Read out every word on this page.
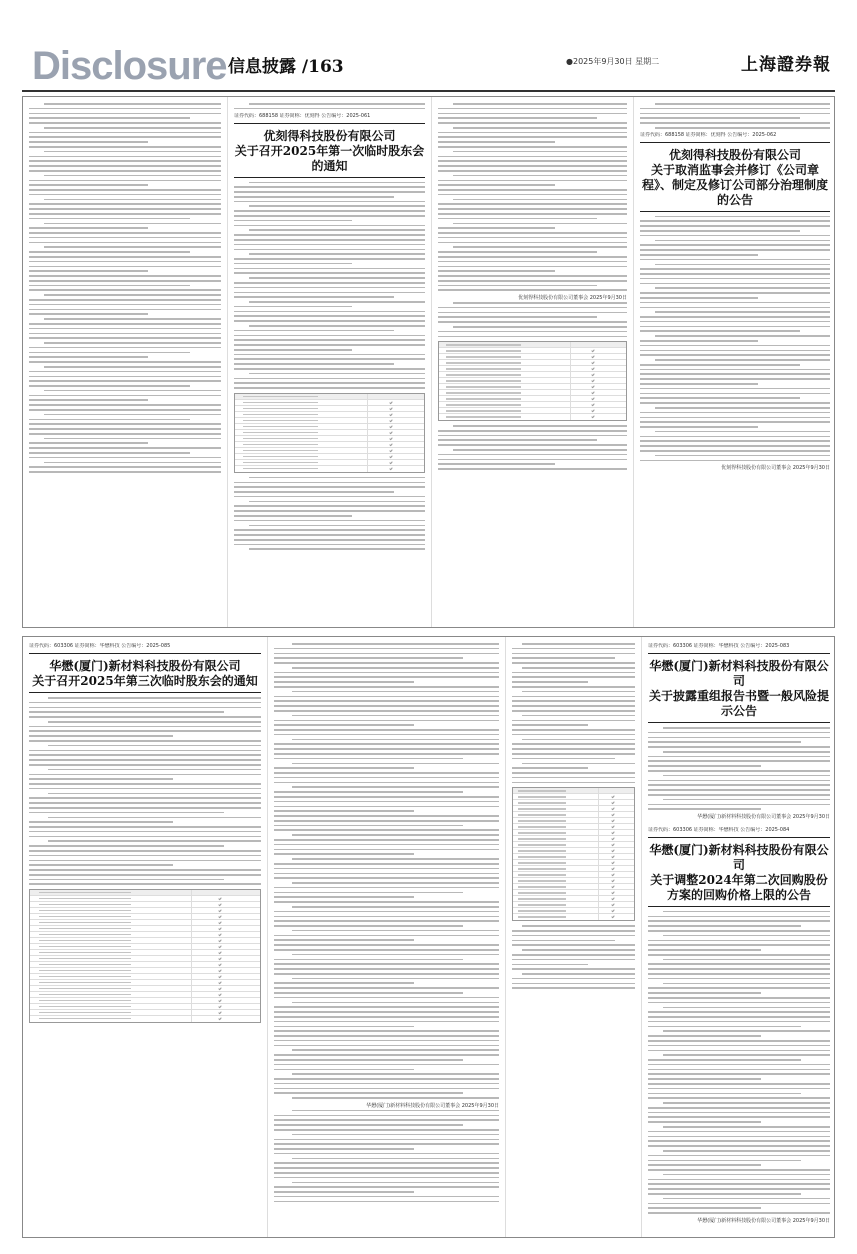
Disclosure 信息披露 /163	●2025年9月30日 星期二	上海證券報
证券代码：688158 证券简称：优刻得 公告编号：2025-061
优刻得科技股份有限公司
关于召开2025年第一次临时股东会的通知
优刻得科技股份有限公司董事会 2025年9月30日
证券代码：688158 证券简称：优刻得 公告编号：2025-062
优刻得科技股份有限公司
关于取消监事会并修订《公司章程》、制定及修订公司部分治理制度的公告
优刻得科技股份有限公司董事会 2025年9月30日
证券代码：603306 证券简称：华懋科技 公告编号：2025-085
华懋(厦门)新材料科技股份有限公司
关于召开2025年第三次临时股东会的通知
华懋(厦门)新材料科技股份有限公司董事会 2025年9月30日
证券代码：603306 证券简称：华懋科技 公告编号：2025-083
华懋(厦门)新材料科技股份有限公司
关于披露重组报告书暨一般风险提示公告
华懋(厦门)新材料科技股份有限公司董事会 2025年9月30日
证券代码：603306 证券简称：华懋科技 公告编号：2025-084
华懋(厦门)新材料科技股份有限公司
关于调整2024年第二次回购股份方案的回购价格上限的公告
华懋(厦门)新材料科技股份有限公司董事会 2025年9月30日
